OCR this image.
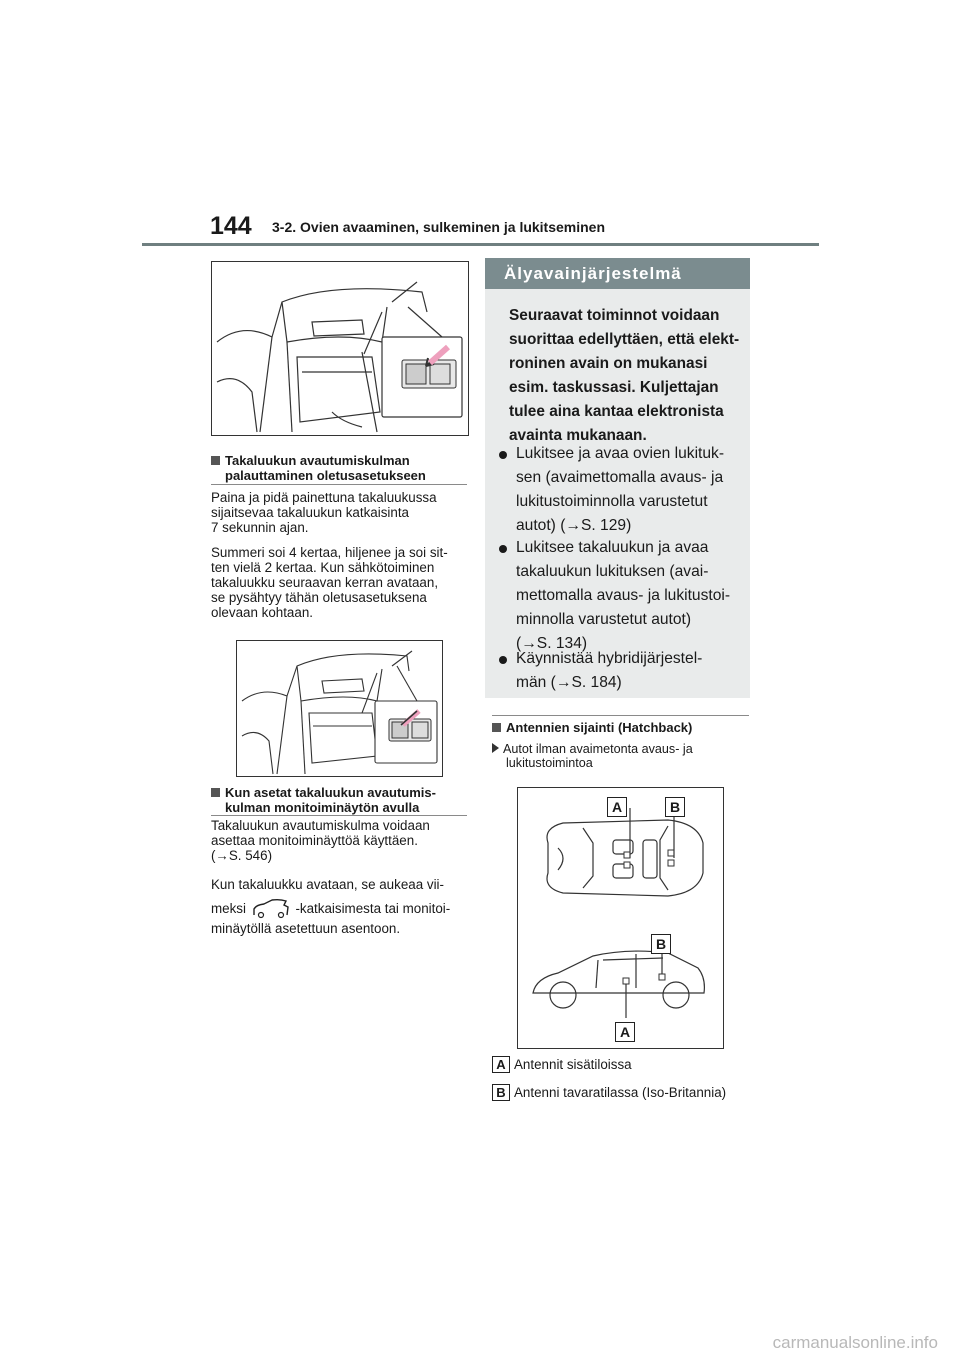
144 3-2. Ovien avaaminen, sulkeminen ja lukitseminen
Takaluukun avautumiskulman
palauttaminen oletusasetukseen
Paina ja pidä painettuna takaluukussa
sijaitsevaa takaluukun katkaisinta
7 sekunnin ajan.
Summeri soi 4 kertaa, hiljenee ja soi sit-
ten vielä 2 kertaa. Kun sähkötoiminen
takaluukku seuraavan kerran avataan,
se pysähtyy tähän oletusasetuksena
olevaan kohtaan.
Kun asetat takaluukun avautumis-
kulman monitoiminäytön avulla
Takaluukun avautumiskulma voidaan
asettaa monitoiminäyttöä käyttäen.
(→S. 546)
Kun takaluukku avataan, se aukeaa vii-
meksi	-katkaisimesta tai monitoi-
minäytöllä asetettuun asentoon.
Älyavainjärjestelmä
Seuraavat toiminnot voidaan
suorittaa edellyttäen, että elekt-
roninen avain on mukanasi
esim. taskussasi. Kuljettajan
tulee aina kantaa elektronista
avainta mukanaan.
Lukitsee ja avaa ovien lukituk-
sen (avaimettomalla avaus- ja
lukitustoiminnolla varustetut
autot) (→S. 129)
Lukitsee takaluukun ja avaa
takaluukun lukituksen (avai-
mettomalla avaus- ja lukitustoi-
minnolla varustetut autot)
(→S. 134)
Käynnistää hybridijärjestel-
män (→S. 184)
Antennien sijainti (Hatchback)
Autot ilman avaimetonta avaus- ja
lukitustoimintoa
A	B
B
A
A Antennit sisätiloissa
B Antenni tavaratilassa (Iso-Britannia)
carmanualsonline.info
